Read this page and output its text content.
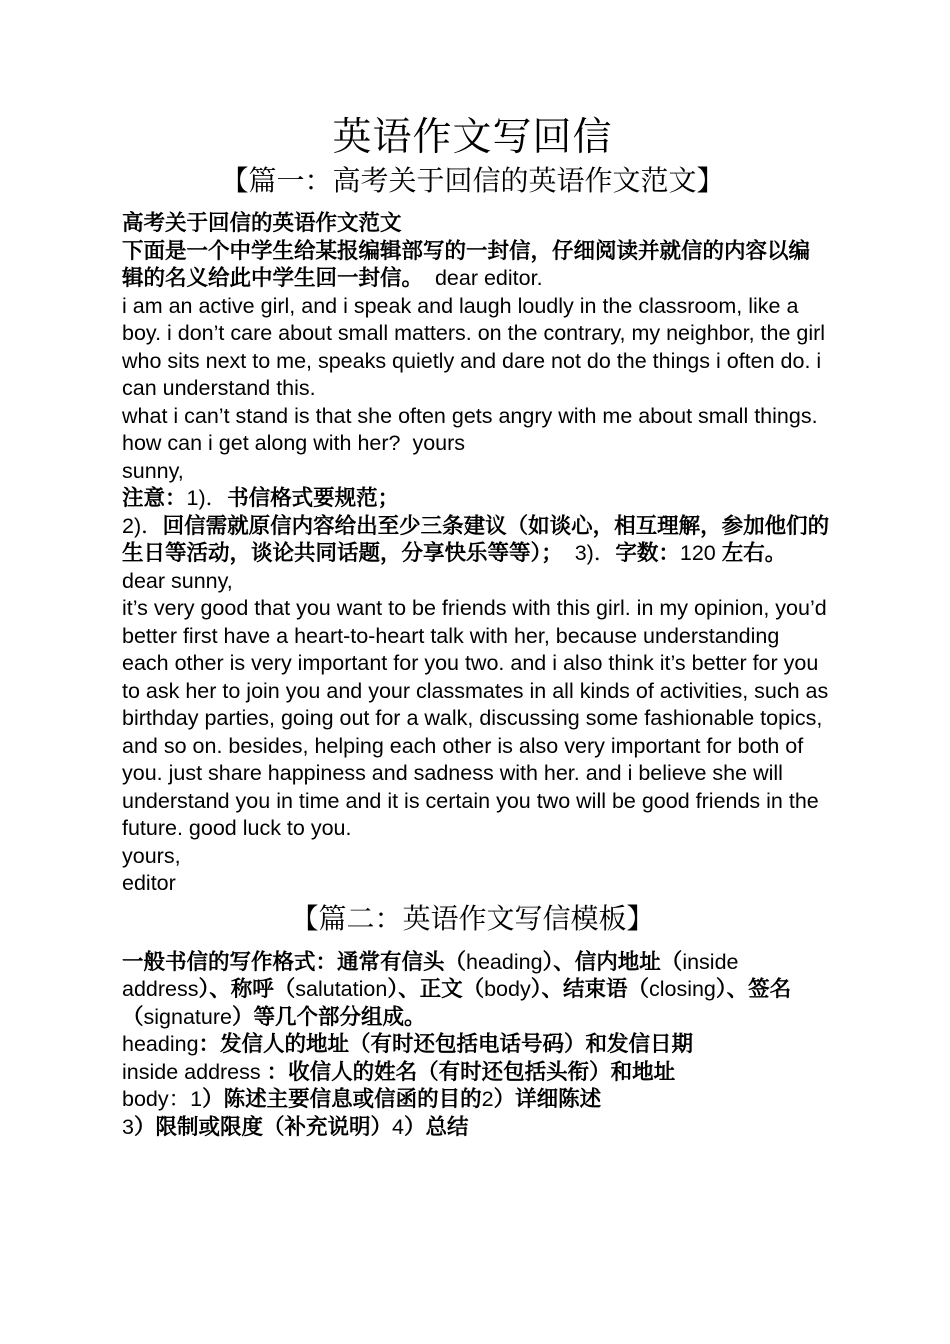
英语作文写回信
【篇一：高考关于回信的英语作文范文】

高考关于回信的英语作文范文

下面是一个中学生给某报编辑部写的一封信，仔细阅读并就信的内容以编辑的名义给此中学生回一封信。 dear editor.

i am an active girl, and i speak and laugh loudly in the classroom, like a boy. i don’t care about small matters. on the contrary, my neighbor, the girl who sits next to me, speaks quietly and dare not do the things i often do. i can understand this.

what i can’t stand is that she often gets angry with me about small things. how can i get along with her? yours

sunny,

注意：1)．书信格式要规范；

2)．回信需就原信内容给出至少三条建议（如谈心，相互理解，参加他们的生日等活动，谈论共同话题，分享快乐等等）； 3)．字数：120 左右。

dear sunny,

it’s very good that you want to be friends with this girl. in my opinion, you’d better first have a heart-to-heart talk with her, because understanding each other is very important for you two. and i also think it’s better for you to ask her to join you and your classmates in all kinds of activities, such as birthday parties, going out for a walk, discussing some fashionable topics, and so on. besides, helping each other is also very important for both of you. just share happiness and sadness with her. and i believe she will understand you in time and it is certain you two will be good friends in the future. good luck to you.

yours,

editor

【篇二：英语作文写信模板】

一般书信的写作格式：通常有信头（heading）、信内地址（inside address）、称呼（salutation）、正文（body）、结束语（closing）、签名（signature）等几个部分组成。

heading：发信人的地址（有时还包括电话号码）和发信日期

inside address ：收信人的姓名（有时还包括头衔）和地址

body：1）陈述主要信息或信函的目的2）详细陈述

3）限制或限度（补充说明）4）总结
